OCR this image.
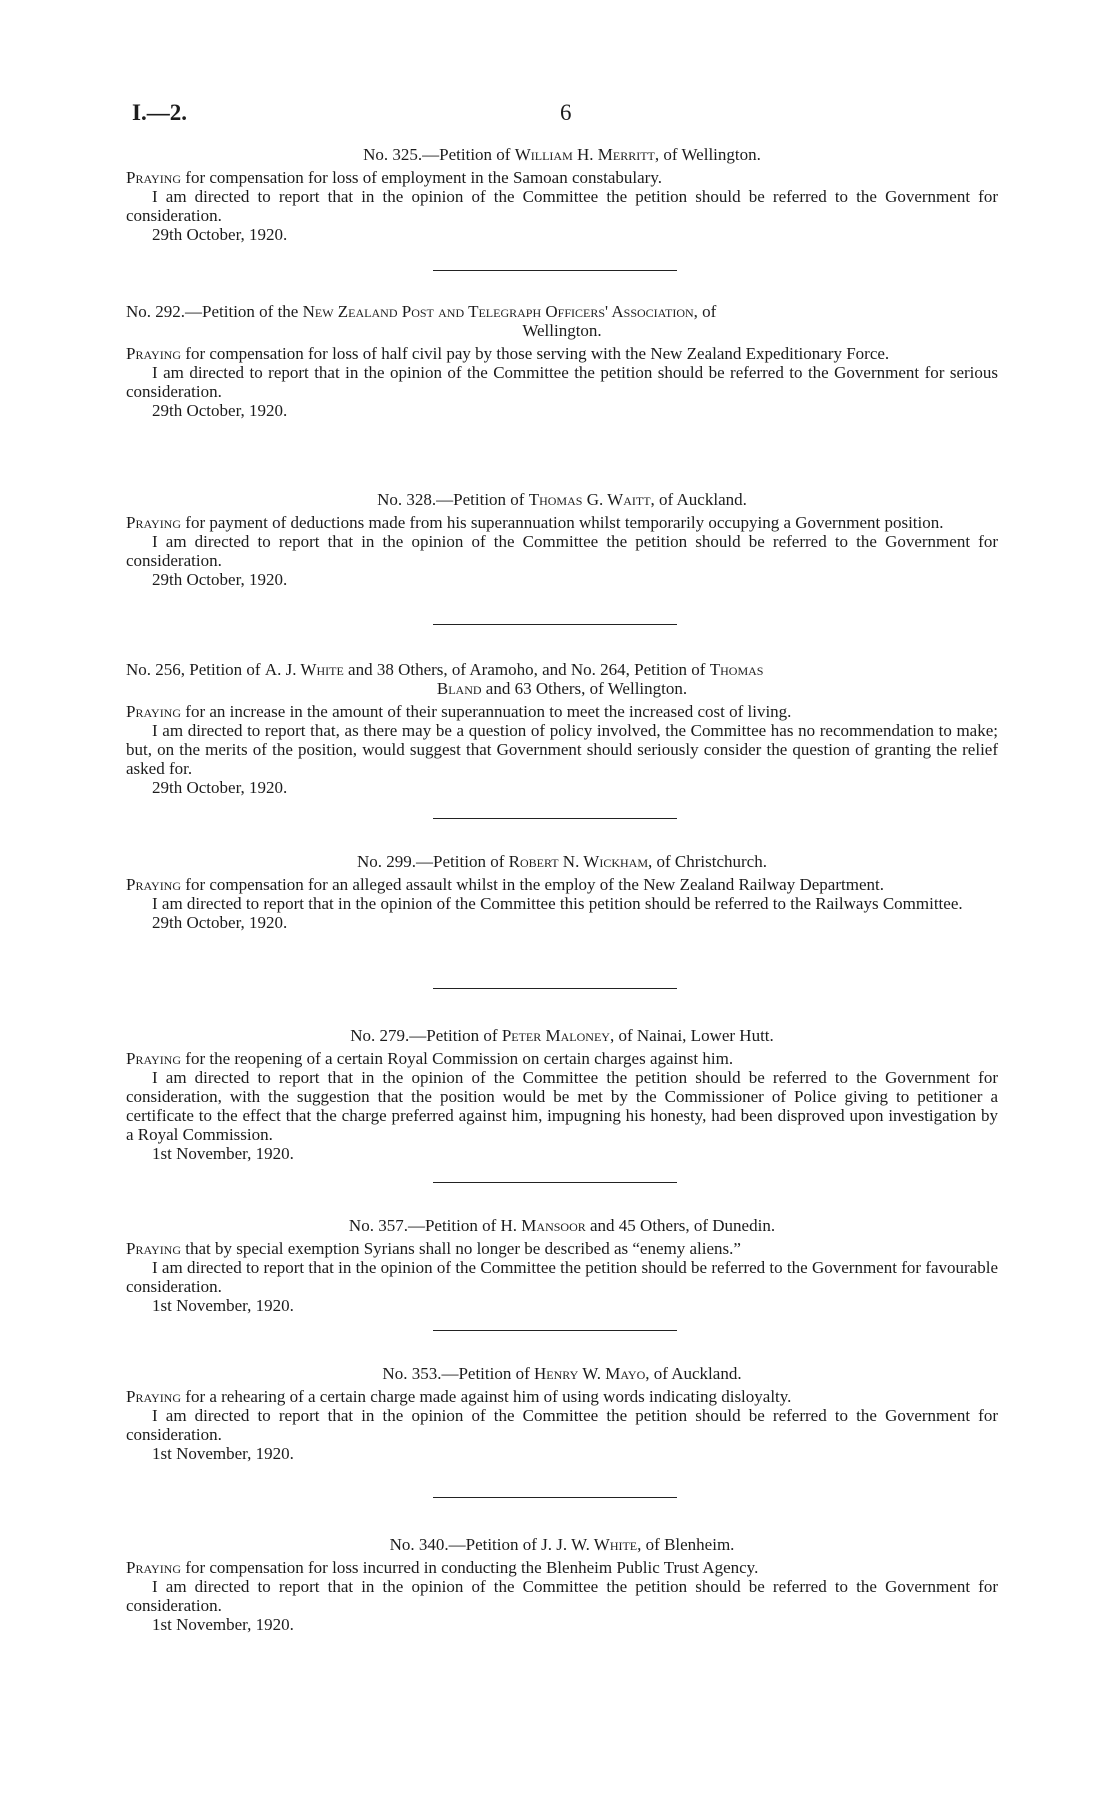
I.—2.	6

No. 325.—Petition of William H. Merritt, of Wellington.

Praying for compensation for loss of employment in the Samoan constabulary.

I am directed to report that in the opinion of the Committee the petition should be referred to the Government for consideration.

29th October, 1920.

No. 292.—Petition of the New Zealand Post and Telegraph Officers' Association, of
Wellington.

Praying for compensation for loss of half civil pay by those serving with the New Zealand Expeditionary Force.

I am directed to report that in the opinion of the Committee the petition should be referred to the Government for serious consideration.

29th October, 1920.

No. 328.—Petition of Thomas G. Waitt, of Auckland.

Praying for payment of deductions made from his superannuation whilst temporarily occupying a Government position.

I am directed to report that in the opinion of the Committee the petition should be referred to the Government for consideration.

29th October, 1920.

No. 256, Petition of A. J. White and 38 Others, of Aramoho, and No. 264, Petition of Thomas
Bland and 63 Others, of Wellington.

Praying for an increase in the amount of their superannuation to meet the increased cost of living.

I am directed to report that, as there may be a question of policy involved, the Committee has no recommendation to make; but, on the merits of the position, would suggest that Government should seriously consider the question of granting the relief asked for.

29th October, 1920.

No. 299.—Petition of Robert N. Wickham, of Christchurch.

Praying for compensation for an alleged assault whilst in the employ of the New Zealand Railway Department.

I am directed to report that in the opinion of the Committee this petition should be referred to the Railways Committee.

29th October, 1920.

No. 279.—Petition of Peter Maloney, of Nainai, Lower Hutt.

Praying for the reopening of a certain Royal Commission on certain charges against him.

I am directed to report that in the opinion of the Committee the petition should be referred to the Government for consideration, with the suggestion that the position would be met by the Commissioner of Police giving to petitioner a certificate to the effect that the charge preferred against him, impugning his honesty, had been disproved upon investigation by a Royal Commission.

1st November, 1920.

No. 357.—Petition of H. Mansoor and 45 Others, of Dunedin.

Praying that by special exemption Syrians shall no longer be described as “enemy aliens.”

I am directed to report that in the opinion of the Committee the petition should be referred to the Government for favourable consideration.

1st November, 1920.

No. 353.—Petition of Henry W. Mayo, of Auckland.

Praying for a rehearing of a certain charge made against him of using words indicating disloyalty.

I am directed to report that in the opinion of the Committee the petition should be referred to the Government for consideration.

1st November, 1920.

No. 340.—Petition of J. J. W. White, of Blenheim.

Praying for compensation for loss incurred in conducting the Blenheim Public Trust Agency.

I am directed to report that in the opinion of the Committee the petition should be referred to the Government for consideration.

1st November, 1920.
